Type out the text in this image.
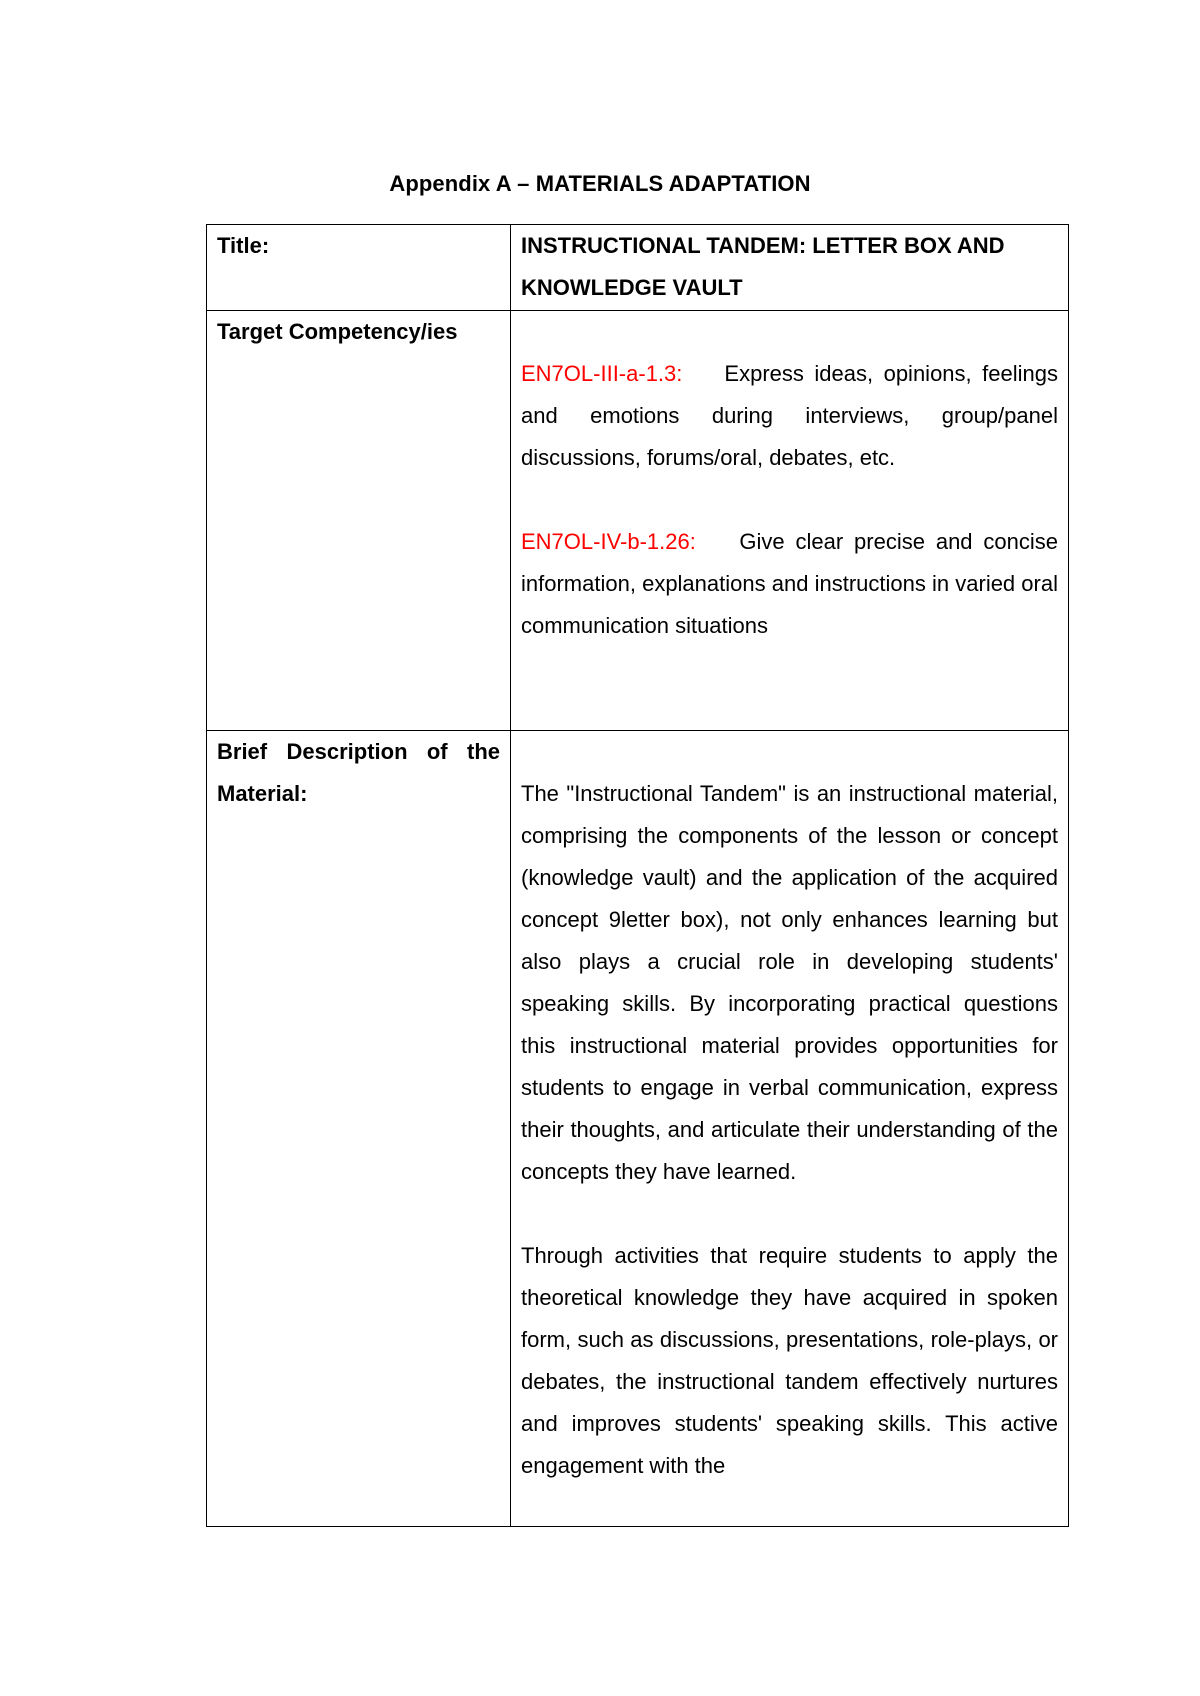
Appendix A – MATERIALS ADAPTATION
Title:	INSTRUCTIONAL TANDEM: LETTER BOX AND KNOWLEDGE VAULT

Target Competency/ies	EN7OL-III-a-1.3: Express ideas, opinions, feelings and emotions during interviews, group/panel discussions, forums/oral, debates, etc.

EN7OL-IV-b-1.26: Give clear precise and concise information, explanations and instructions in varied oral communication situations

Brief Description of the Material:	The "Instructional Tandem" is an instructional material, comprising the components of the lesson or concept (knowledge vault) and the application of the acquired concept 9letter box), not only enhances learning but also plays a crucial role in developing students' speaking skills. By incorporating practical questions this instructional material provides opportunities for students to engage in verbal communication, express their thoughts, and articulate their understanding of the concepts they have learned.

Through activities that require students to apply the theoretical knowledge they have acquired in spoken form, such as discussions, presentations, role-plays, or debates, the instructional tandem effectively nurtures and improves students' speaking skills. This active engagement with the
